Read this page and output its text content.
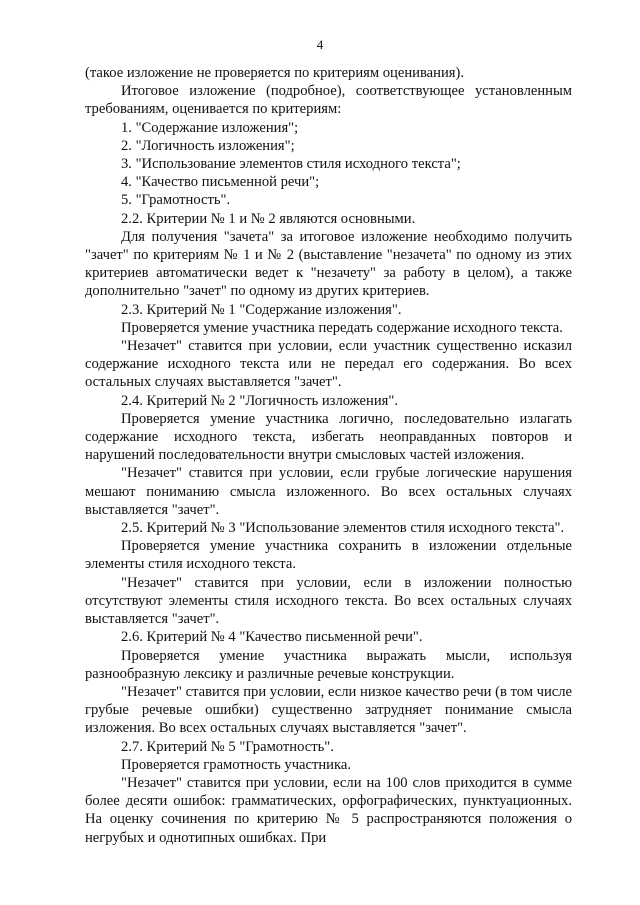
4

(такое изложение не проверяется по критериям оценивания).

Итоговое изложение (подробное), соответствующее установленным требованиям, оценивается по критериям:

1. "Содержание изложения";

2. "Логичность изложения";

3. "Использование элементов стиля исходного текста";

4. "Качество письменной речи";

5. "Грамотность".

2.2. Критерии № 1 и № 2 являются основными.

Для получения "зачета" за итоговое изложение необходимо получить "зачет" по критериям № 1 и № 2 (выставление "незачета" по одному из этих критериев автоматически ведет к "незачету" за работу в целом), а также дополнительно "зачет" по одному из других критериев.

2.3. Критерий № 1 "Содержание изложения".

Проверяется умение участника передать содержание исходного текста.

"Незачет" ставится при условии, если участник существенно исказил содержание исходного текста или не передал его содержания. Во всех остальных случаях выставляется "зачет".

2.4. Критерий № 2 "Логичность изложения".

Проверяется умение участника логично, последовательно излагать содержание исходного текста, избегать неоправданных повторов и нарушений последовательности внутри смысловых частей изложения.

"Незачет" ставится при условии, если грубые логические нарушения мешают пониманию смысла изложенного. Во всех остальных случаях выставляется "зачет".

2.5. Критерий № 3 "Использование элементов стиля исходного текста".

Проверяется умение участника сохранить в изложении отдельные элементы стиля исходного текста.

"Незачет" ставится при условии, если в изложении полностью отсутствуют элементы стиля исходного текста. Во всех остальных случаях выставляется "зачет".

2.6. Критерий № 4 "Качество письменной речи".

Проверяется умение участника выражать мысли, используя разнообразную лексику и различные речевые конструкции.

"Незачет" ставится при условии, если низкое качество речи (в том числе грубые речевые ошибки) существенно затрудняет понимание смысла изложения. Во всех остальных случаях выставляется "зачет".

2.7. Критерий № 5 "Грамотность".

Проверяется грамотность участника.

"Незачет" ставится при условии, если на 100 слов приходится в сумме более десяти ошибок: грамматических, орфографических, пунктуационных. На оценку сочинения по критерию № 5 распространяются положения о негрубых и однотипных ошибках. При
